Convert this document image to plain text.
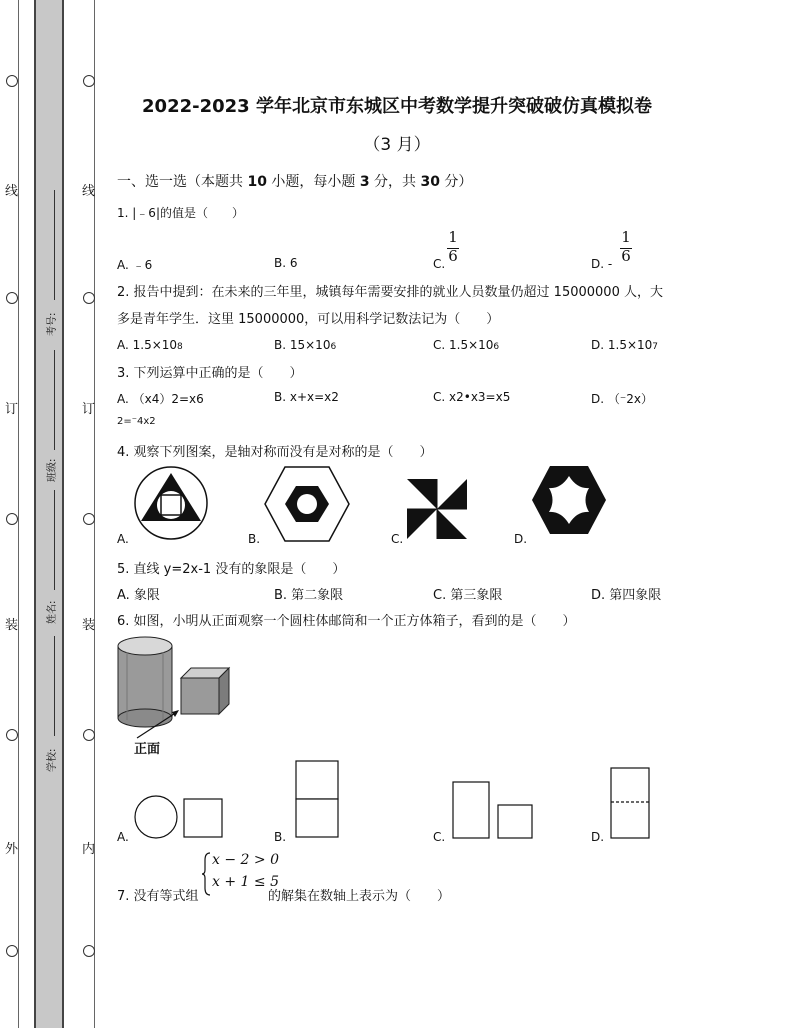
线
订
装
外
线
订
装
内
考号:
班级:
姓名:
学校:
2022-2023 学年北京市东城区中考数学提升突破破仿真模拟卷
（3 月）
一、选一选（本题共 10 小题，每小题 3 分，共 30 分）
1. |﹣6|的值是（　　）
A. ﹣6	B. 6	C.
1
6	D. -
1
6
2. 报告中提到：在未来的三年里，城镇每年需要安排的就业人员数量仍超过 15000000 人，大
多是青年学生．这里 15000000，可以用科学记数法记为（　　）
A. 1.5×108	B. 15×106	C. 1.5×106	D. 1.5×107
3. 下列运算中正确的是（　　）
A. （x4）2=x6	B. x+x=x2	C. x2•x3=x5	D. （⁻2x）
2=⁻4x2
4. 观察下列图案，是轴对称而没有是对称的是（　　）
A.	B.	C.	D.
5. 直线 y=2x-1 没有的象限是（　　）
A. 象限	B. 第二象限	C. 第三象限	D. 第四象限
6. 如图，小明从正面观察一个圆柱体邮筒和一个正方体箱子，看到的是（　　）
正面
A.	B.	C.	D.
7. 没有等式组
x − 2 > 0
x + 1 ≤ 5
的解集在数轴上表示为（　　）
